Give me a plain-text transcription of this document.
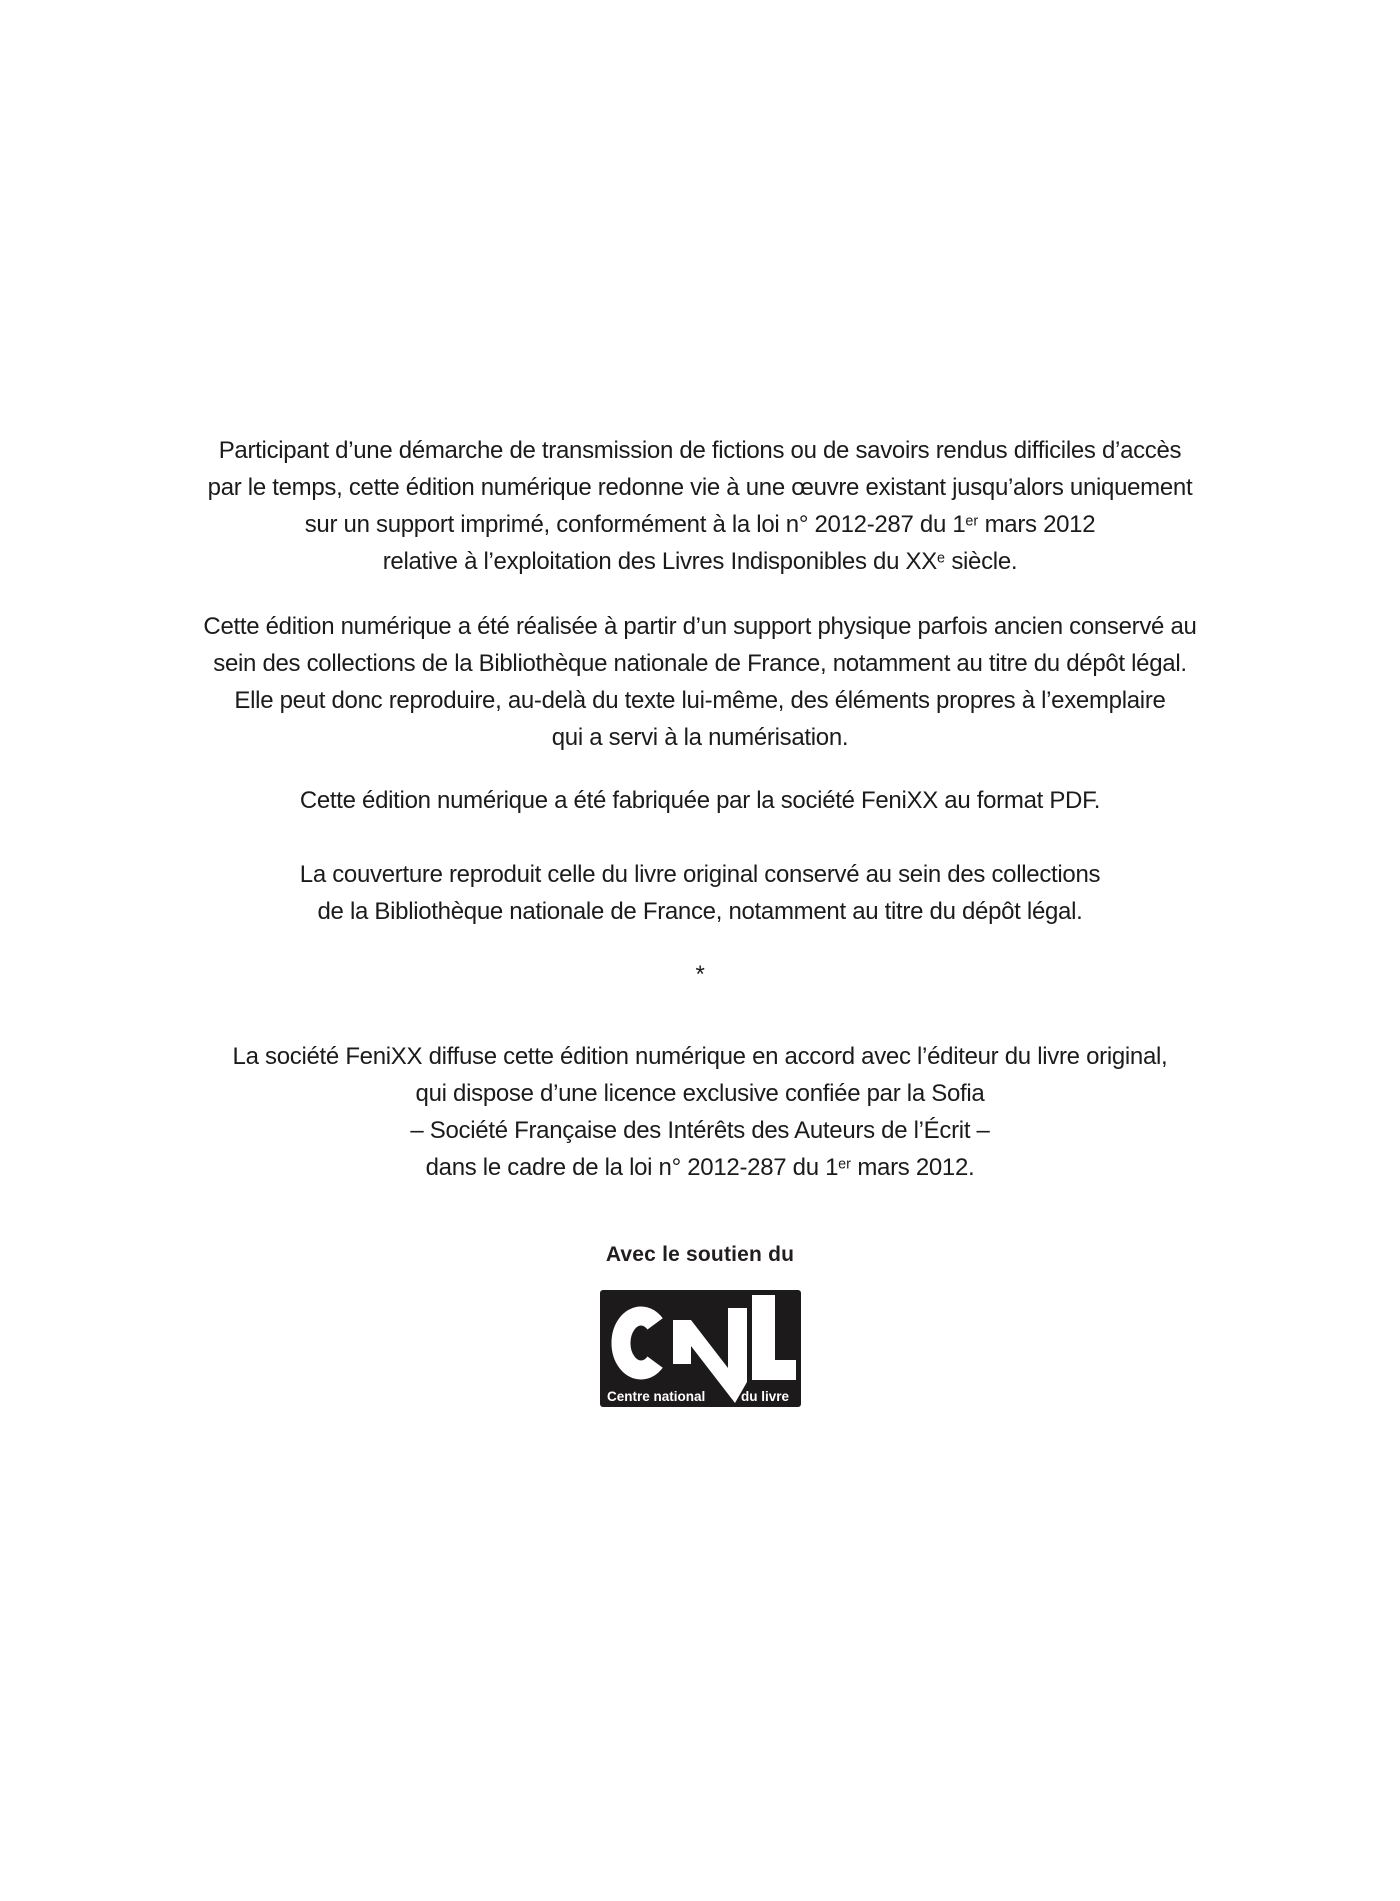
Participant d’une démarche de transmission de fictions ou de savoirs rendus difficiles d’accès
par le temps, cette édition numérique redonne vie à une œuvre existant jusqu’alors uniquement
sur un support imprimé, conformément à la loi n° 2012-287 du 1er mars 2012
relative à l’exploitation des Livres Indisponibles du XXe siècle.
Cette édition numérique a été réalisée à partir d’un support physique parfois ancien conservé au
sein des collections de la Bibliothèque nationale de France, notamment au titre du dépôt légal.
Elle peut donc reproduire, au-delà du texte lui-même, des éléments propres à l’exemplaire
qui a servi à la numérisation.
Cette édition numérique a été fabriquée par la société FeniXX au format PDF.
La couverture reproduit celle du livre original conservé au sein des collections
de la Bibliothèque nationale de France, notamment au titre du dépôt légal.
*
La société FeniXX diffuse cette édition numérique en accord avec l’éditeur du livre original,
qui dispose d’une licence exclusive confiée par la Sofia
– Société Française des Intérêts des Auteurs de l’Écrit –
dans le cadre de la loi n° 2012-287 du 1er mars 2012.
Avec le soutien du
Centre national	du livre
